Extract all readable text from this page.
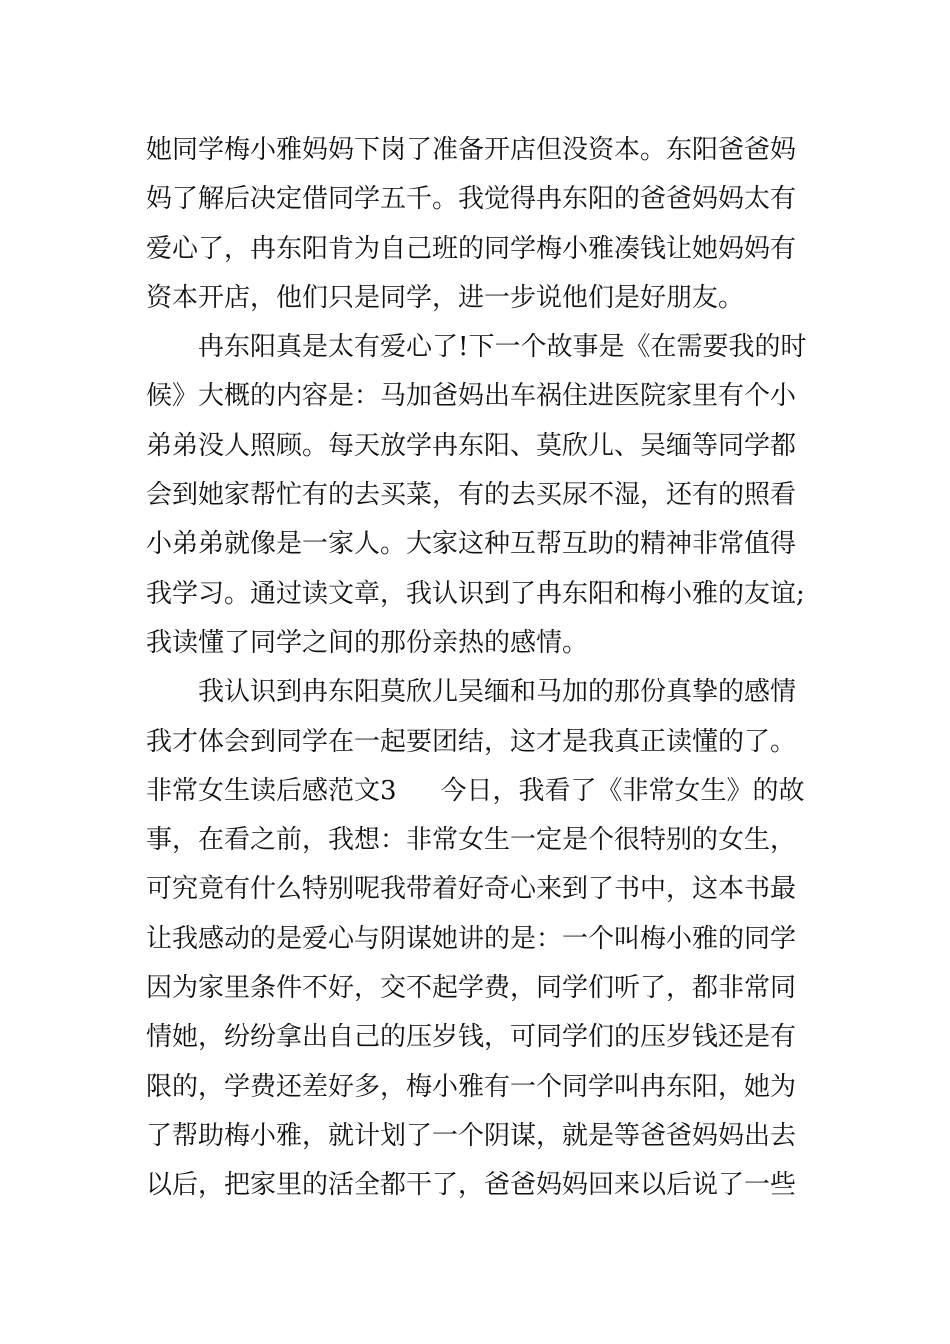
她同学梅小雅妈妈下岗了准备开店但没资本。东阳爸爸妈
妈了解后决定借同学五千。我觉得冉东阳的爸爸妈妈太有
爱心了，冉东阳肯为自己班的同学梅小雅凑钱让她妈妈有
资本开店，他们只是同学，进一步说他们是好朋友。
冉东阳真是太有爱心了!下一个故事是《在需要我的时
候》大概的内容是：马加爸妈出车祸住进医院家里有个小
弟弟没人照顾。每天放学冉东阳、莫欣儿、吴缅等同学都
会到她家帮忙有的去买菜，有的去买尿不湿，还有的照看
小弟弟就像是一家人。大家这种互帮互助的精神非常值得
我学习。通过读文章，我认识到了冉东阳和梅小雅的友谊;
我读懂了同学之间的那份亲热的感情。
我认识到冉东阳莫欣儿吴缅和马加的那份真挚的感情
我才体会到同学在一起要团结，这才是我真正读懂的了。
非常女生读后感范文3 今日，我看了《非常女生》的故
事，在看之前，我想：非常女生一定是个很特别的女生，
可究竟有什么特别呢我带着好奇心来到了书中，这本书最
让我感动的是爱心与阴谋她讲的是：一个叫梅小雅的同学
因为家里条件不好，交不起学费，同学们听了，都非常同
情她，纷纷拿出自己的压岁钱，可同学们的压岁钱还是有
限的，学费还差好多，梅小雅有一个同学叫冉东阳，她为
了帮助梅小雅，就计划了一个阴谋，就是等爸爸妈妈出去
以后，把家里的活全都干了，爸爸妈妈回来以后说了一些
